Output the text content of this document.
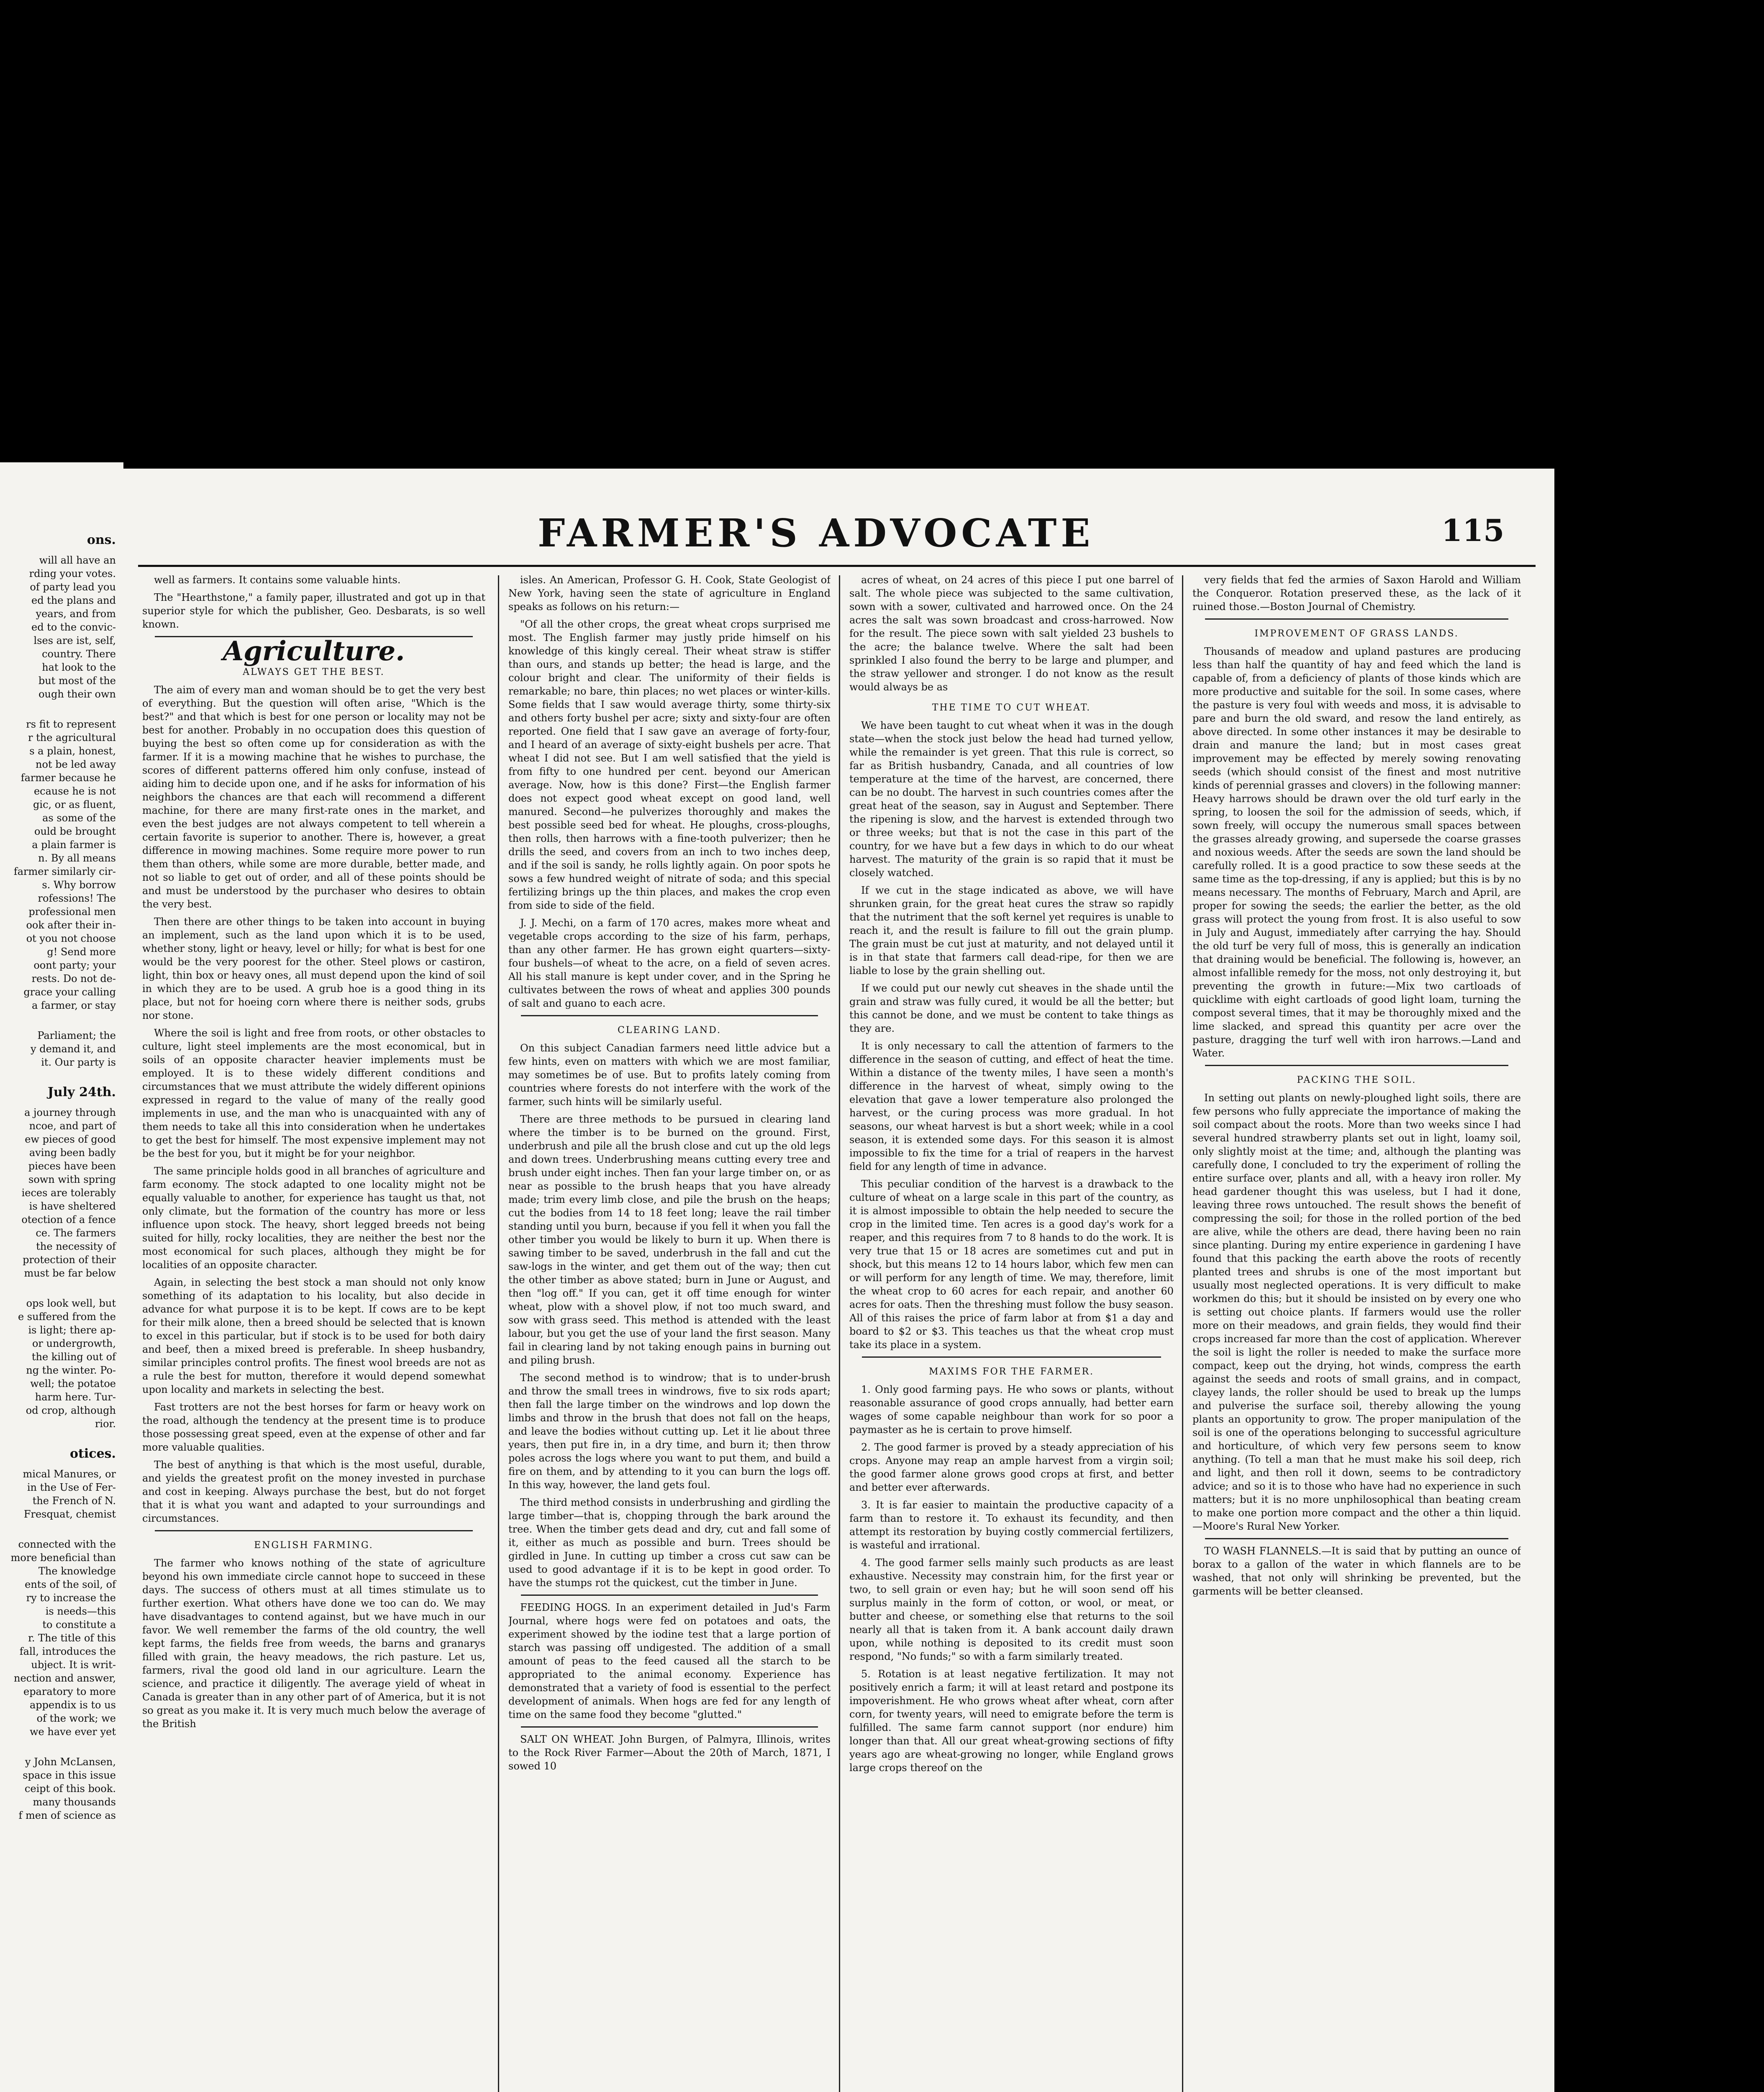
ons.

will all have an

rding your votes.

of party lead you

ed the plans and

years, and from

ed to the convic-

lses are ist, self,

country. There

hat look to the

but most of the

ough their own

rs fit to represent

r the agricultural

s a plain, honest,

not be led away

farmer because he

ecause he is not

gic, or as fluent,

as some of the

ould be brought

a plain farmer is

n. By all means

farmer similarly cir-

s. Why borrow

rofessions! The

professional men

ook after their in-

ot you not choose

g! Send more

oont party; your

rests. Do not de-

grace your calling

a farmer, or stay

Parliament; the

y demand it, and

it. Our party is

July 24th.

a journey through

ncoe, and part of

ew pieces of good

aving been badly

pieces have been

sown with spring

ieces are tolerably

is have sheltered

otection of a fence

ce. The farmers

the necessity of

protection of their

must be far below

ops look well, but

e suffered from the

is light; there ap-

or undergrowth,

the killing out of

ng the winter. Po-

well; the potatoe

harm here. Tur-

od crop, although

rior.

otices.

mical Manures, or

in the Use of Fer-

the French of N.

Fresquat, chemist

connected with the

more beneficial than

The knowledge

ents of the soil, of

ry to increase the

is needs—this

to constitute a

r. The title of this

fall, introduces the

ubject. It is writ-

nection and answer,

eparatory to more

appendix is to us

of the work; we

we have ever yet

y John McLansen,

space in this issue

ceipt of this book.

many thousands

f men of science as

FARMER'S ADVOCATE	115

well as farmers. It contains some valuable hints.

The "Hearthstone," a family paper, illustrated and got up in that superior style for which the publisher, Geo. Desbarats, is so well known.

Agriculture.
ALWAYS GET THE BEST.

The aim of every man and woman should be to get the very best of everything. But the question will often arise, "Which is the best?" and that which is best for one person or locality may not be best for another. Probably in no occupation does this question of buying the best so often come up for consideration as with the farmer. If it is a mowing machine that he wishes to purchase, the scores of different patterns offered him only confuse, instead of aiding him to decide upon one, and if he asks for information of his neighbors the chances are that each will recommend a different machine, for there are many first-rate ones in the market, and even the best judges are not always competent to tell wherein a certain favorite is superior to another. There is, however, a great difference in mowing machines. Some require more power to run them than others, while some are more durable, better made, and not so liable to get out of order, and all of these points should be and must be understood by the purchaser who desires to obtain the very best.

Then there are other things to be taken into account in buying an implement, such as the land upon which it is to be used, whether stony, light or heavy, level or hilly; for what is best for one would be the very poorest for the other. Steel plows or castiron, light, thin box or heavy ones, all must depend upon the kind of soil in which they are to be used. A grub hoe is a good thing in its place, but not for hoeing corn where there is neither sods, grubs nor stone.

Where the soil is light and free from roots, or other obstacles to culture, light steel implements are the most economical, but in soils of an opposite character heavier implements must be employed. It is to these widely different conditions and circumstances that we must attribute the widely different opinions expressed in regard to the value of many of the really good implements in use, and the man who is unacquainted with any of them needs to take all this into consideration when he undertakes to get the best for himself. The most expensive implement may not be the best for you, but it might be for your neighbor.

The same principle holds good in all branches of agriculture and farm economy. The stock adapted to one locality might not be equally valuable to another, for experience has taught us that, not only climate, but the formation of the country has more or less influence upon stock. The heavy, short legged breeds not being suited for hilly, rocky localities, they are neither the best nor the most economical for such places, although they might be for localities of an opposite character.

Again, in selecting the best stock a man should not only know something of its adaptation to his locality, but also decide in advance for what purpose it is to be kept. If cows are to be kept for their milk alone, then a breed should be selected that is known to excel in this particular, but if stock is to be used for both dairy and beef, then a mixed breed is preferable. In sheep husbandry, similar principles control profits. The finest wool breeds are not as a rule the best for mutton, therefore it would depend somewhat upon locality and markets in selecting the best.

Fast trotters are not the best horses for farm or heavy work on the road, although the tendency at the present time is to produce those possessing great speed, even at the expense of other and far more valuable qualities.

The best of anything is that which is the most useful, durable, and yields the greatest profit on the money invested in purchase and cost in keeping. Always purchase the best, but do not forget that it is what you want and adapted to your surroundings and circumstances.

ENGLISH FARMING.

The farmer who knows nothing of the state of agriculture beyond his own immediate circle cannot hope to succeed in these days. The success of others must at all times stimulate us to further exertion. What others have done we too can do. We may have disadvantages to contend against, but we have much in our favor. We well remember the farms of the old country, the well kept farms, the fields free from weeds, the barns and granarys filled with grain, the heavy meadows, the rich pasture. Let us, farmers, rival the good old land in our agriculture. Learn the science, and practice it diligently. The average yield of wheat in Canada is greater than in any other part of of America, but it is not so great as you make it. It is very much much below the average of the British

isles. An American, Professor G. H. Cook, State Geologist of New York, having seen the state of agriculture in England speaks as follows on his return:—

"Of all the other crops, the great wheat crops surprised me most. The English farmer may justly pride himself on his knowledge of this kingly cereal. Their wheat straw is stiffer than ours, and stands up better; the head is large, and the colour bright and clear. The uniformity of their fields is remarkable; no bare, thin places; no wet places or winter-kills. Some fields that I saw would average thirty, some thirty-six and others forty bushel per acre; sixty and sixty-four are often reported. One field that I saw gave an average of forty-four, and I heard of an average of sixty-eight bushels per acre. That wheat I did not see. But I am well satisfied that the yield is from fifty to one hundred per cent. beyond our American average. Now, how is this done? First—the English farmer does not expect good wheat except on good land, well manured. Second—he pulverizes thoroughly and makes the best possible seed bed for wheat. He ploughs, cross-ploughs, then rolls, then harrows with a fine-tooth pulverizer; then he drills the seed, and covers from an inch to two inches deep, and if the soil is sandy, he rolls lightly again. On poor spots he sows a few hundred weight of nitrate of soda; and this special fertilizing brings up the thin places, and makes the crop even from side to side of the field.

J. J. Mechi, on a farm of 170 acres, makes more wheat and vegetable crops according to the size of his farm, perhaps, than any other farmer. He has grown eight quarters—sixty-four bushels—of wheat to the acre, on a field of seven acres. All his stall manure is kept under cover, and in the Spring he cultivates between the rows of wheat and applies 300 pounds of salt and guano to each acre.

CLEARING LAND.

On this subject Canadian farmers need little advice but a few hints, even on matters with which we are most familiar, may sometimes be of use. But to profits lately coming from countries where forests do not interfere with the work of the farmer, such hints will be similarly useful.

There are three methods to be pursued in clearing land where the timber is to be burned on the ground. First, underbrush and pile all the brush close and cut up the old legs and down trees. Underbrushing means cutting every tree and brush under eight inches. Then fan your large timber on, or as near as possible to the brush heaps that you have already made; trim every limb close, and pile the brush on the heaps; cut the bodies from 14 to 18 feet long; leave the rail timber standing until you burn, because if you fell it when you fall the other timber you would be likely to burn it up. When there is sawing timber to be saved, underbrush in the fall and cut the saw-logs in the winter, and get them out of the way; then cut the other timber as above stated; burn in June or August, and then "log off." If you can, get it off time enough for winter wheat, plow with a shovel plow, if not too much sward, and sow with grass seed. This method is attended with the least labour, but you get the use of your land the first season. Many fail in clearing land by not taking enough pains in burning out and piling brush.

The second method is to windrow; that is to under-brush and throw the small trees in windrows, five to six rods apart; then fall the large timber on the windrows and lop down the limbs and throw in the brush that does not fall on the heaps, and leave the bodies without cutting up. Let it lie about three years, then put fire in, in a dry time, and burn it; then throw poles across the logs where you want to put them, and build a fire on them, and by attending to it you can burn the logs off. In this way, however, the land gets foul.

The third method consists in underbrushing and girdling the large timber—that is, chopping through the bark around the tree. When the timber gets dead and dry, cut and fall some of it, either as much as possible and burn. Trees should be girdled in June. In cutting up timber a cross cut saw can be used to good advantage if it is to be kept in good order. To have the stumps rot the quickest, cut the timber in June.

FEEDING HOGS. In an experiment detailed in Jud's Farm Journal, where hogs were fed on potatoes and oats, the experiment showed by the iodine test that a large portion of starch was passing off undigested. The addition of a small amount of peas to the feed caused all the starch to be appropriated to the animal economy. Experience has demonstrated that a variety of food is essential to the perfect development of animals. When hogs are fed for any length of time on the same food they become "glutted."

SALT ON WHEAT. John Burgen, of Palmyra, Illinois, writes to the Rock River Farmer—About the 20th of March, 1871, I sowed 10

acres of wheat, on 24 acres of this piece I put one barrel of salt. The whole piece was subjected to the same cultivation, sown with a sower, cultivated and harrowed once. On the 24 acres the salt was sown broadcast and cross-harrowed. Now for the result. The piece sown with salt yielded 23 bushels to the acre; the balance twelve. Where the salt had been sprinkled I also found the berry to be large and plumper, and the straw yellower and stronger. I do not know as the result would always be as

THE TIME TO CUT WHEAT.

We have been taught to cut wheat when it was in the dough state—when the stock just below the head had turned yellow, while the remainder is yet green. That this rule is correct, so far as British husbandry, Canada, and all countries of low temperature at the time of the harvest, are concerned, there can be no doubt. The harvest in such countries comes after the great heat of the season, say in August and September. There the ripening is slow, and the harvest is extended through two or three weeks; but that is not the case in this part of the country, for we have but a few days in which to do our wheat harvest. The maturity of the grain is so rapid that it must be closely watched.

If we cut in the stage indicated as above, we will have shrunken grain, for the great heat cures the straw so rapidly that the nutriment that the soft kernel yet requires is unable to reach it, and the result is failure to fill out the grain plump. The grain must be cut just at maturity, and not delayed until it is in that state that farmers call dead-ripe, for then we are liable to lose by the grain shelling out.

If we could put our newly cut sheaves in the shade until the grain and straw was fully cured, it would be all the better; but this cannot be done, and we must be content to take things as they are.

It is only necessary to call the attention of farmers to the difference in the season of cutting, and effect of heat the time. Within a distance of the twenty miles, I have seen a month's difference in the harvest of wheat, simply owing to the elevation that gave a lower temperature also prolonged the harvest, or the curing process was more gradual. In hot seasons, our wheat harvest is but a short week; while in a cool season, it is extended some days. For this season it is almost impossible to fix the time for a trial of reapers in the harvest field for any length of time in advance.

This peculiar condition of the harvest is a drawback to the culture of wheat on a large scale in this part of the country, as it is almost impossible to obtain the help needed to secure the crop in the limited time. Ten acres is a good day's work for a reaper, and this requires from 7 to 8 hands to do the work. It is very true that 15 or 18 acres are sometimes cut and put in shock, but this means 12 to 14 hours labor, which few men can or will perform for any length of time. We may, therefore, limit the wheat crop to 60 acres for each repair, and another 60 acres for oats. Then the threshing must follow the busy season. All of this raises the price of farm labor at from $1 a day and board to $2 or $3. This teaches us that the wheat crop must take its place in a system.

MAXIMS FOR THE FARMER.

1. Only good farming pays. He who sows or plants, without reasonable assurance of good crops annually, had better earn wages of some capable neighbour than work for so poor a paymaster as he is certain to prove himself.

2. The good farmer is proved by a steady appreciation of his crops. Anyone may reap an ample harvest from a virgin soil; the good farmer alone grows good crops at first, and better and better ever afterwards.

3. It is far easier to maintain the productive capacity of a farm than to restore it. To exhaust its fecundity, and then attempt its restoration by buying costly commercial fertilizers, is wasteful and irrational.

4. The good farmer sells mainly such products as are least exhaustive. Necessity may constrain him, for the first year or two, to sell grain or even hay; but he will soon send off his surplus mainly in the form of cotton, or wool, or meat, or butter and cheese, or something else that returns to the soil nearly all that is taken from it. A bank account daily drawn upon, while nothing is deposited to its credit must soon respond, "No funds;" so with a farm similarly treated.

5. Rotation is at least negative fertilization. It may not positively enrich a farm; it will at least retard and postpone its impoverishment. He who grows wheat after wheat, corn after corn, for twenty years, will need to emigrate before the term is fulfilled. The same farm cannot support (nor endure) him longer than that. All our great wheat-growing sections of fifty years ago are wheat-growing no longer, while England grows large crops thereof on the

very fields that fed the armies of Saxon Harold and William the Conqueror. Rotation preserved these, as the lack of it ruined those.—Boston Journal of Chemistry.

IMPROVEMENT OF GRASS LANDS.

Thousands of meadow and upland pastures are producing less than half the quantity of hay and feed which the land is capable of, from a deficiency of plants of those kinds which are more productive and suitable for the soil. In some cases, where the pasture is very foul with weeds and moss, it is advisable to pare and burn the old sward, and resow the land entirely, as above directed. In some other instances it may be desirable to drain and manure the land; but in most cases great improvement may be effected by merely sowing renovating seeds (which should consist of the finest and most nutritive kinds of perennial grasses and clovers) in the following manner: Heavy harrows should be drawn over the old turf early in the spring, to loosen the soil for the admission of seeds, which, if sown freely, will occupy the numerous small spaces between the grasses already growing, and supersede the coarse grasses and noxious weeds. After the seeds are sown the land should be carefully rolled. It is a good practice to sow these seeds at the same time as the top-dressing, if any is applied; but this is by no means necessary. The months of February, March and April, are proper for sowing the seeds; the earlier the better, as the old grass will protect the young from frost. It is also useful to sow in July and August, immediately after carrying the hay. Should the old turf be very full of moss, this is generally an indication that draining would be beneficial. The following is, however, an almost infallible remedy for the moss, not only destroying it, but preventing the growth in future:—Mix two cartloads of quicklime with eight cartloads of good light loam, turning the compost several times, that it may be thoroughly mixed and the lime slacked, and spread this quantity per acre over the pasture, dragging the turf well with iron harrows.—Land and Water.

PACKING THE SOIL.

In setting out plants on newly-ploughed light soils, there are few persons who fully appreciate the importance of making the soil compact about the roots. More than two weeks since I had several hundred strawberry plants set out in light, loamy soil, only slightly moist at the time; and, although the planting was carefully done, I concluded to try the experiment of rolling the entire surface over, plants and all, with a heavy iron roller. My head gardener thought this was useless, but I had it done, leaving three rows untouched. The result shows the benefit of compressing the soil; for those in the rolled portion of the bed are alive, while the others are dead, there having been no rain since planting. During my entire experience in gardening I have found that this packing the earth above the roots of recently planted trees and shrubs is one of the most important but usually most neglected operations. It is very difficult to make workmen do this; but it should be insisted on by every one who is setting out choice plants. If farmers would use the roller more on their meadows, and grain fields, they would find their crops increased far more than the cost of application. Wherever the soil is light the roller is needed to make the surface more compact, keep out the drying, hot winds, compress the earth against the seeds and roots of small grains, and in compact, clayey lands, the roller should be used to break up the lumps and pulverise the surface soil, thereby allowing the young plants an opportunity to grow. The proper manipulation of the soil is one of the operations belonging to successful agriculture and horticulture, of which very few persons seem to know anything. (To tell a man that he must make his soil deep, rich and light, and then roll it down, seems to be contradictory advice; and so it is to those who have had no experience in such matters; but it is no more unphilosophical than beating cream to make one portion more compact and the other a thin liquid.—Moore's Rural New Yorker.

TO WASH FLANNELS.—It is said that by putting an ounce of borax to a gallon of the water in which flannels are to be washed, that not only will shrinking be prevented, but the garments will be better cleansed.
